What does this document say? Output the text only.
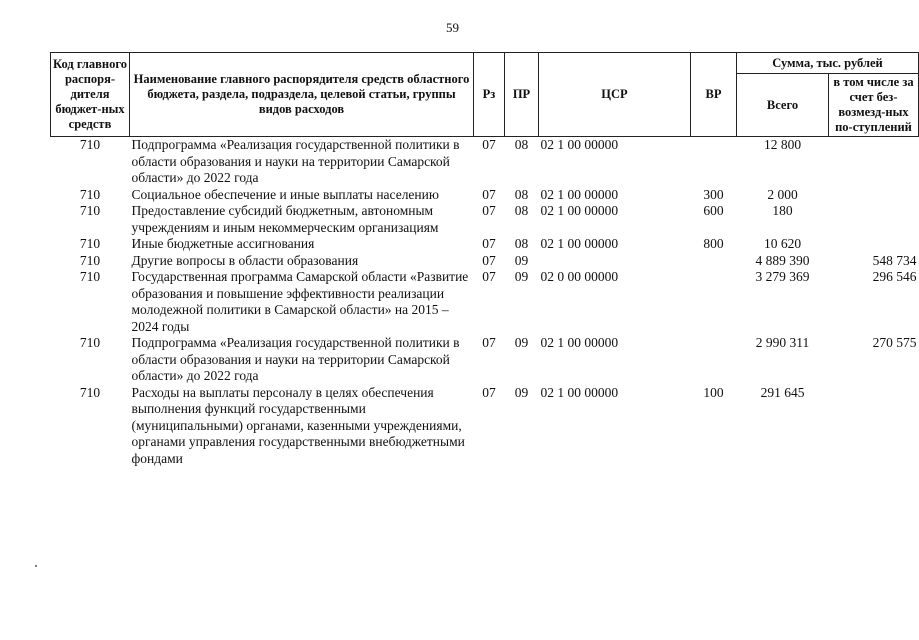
59
Код главного распоря-дителя бюджет-ных средств	Наименование главного распорядителя средств областного бюджета, раздела, подраздела, целевой статьи, группы видов расходов	Рз	ПР	ЦСР	ВР	Сумма, тыс. рублей	
						Всего	в том числе за счет без-возмезд-ных по-ступлений
710	Подпрограмма «Реализация государственной политики в области образования и науки на территории Самарской области» до 2022 года	07	08	02 1 00 00000		12 800	
710	Социальное обеспечение и иные выплаты населению	07	08	02 1 00 00000	300	2 000	
710	Предоставление субсидий бюджетным, автономным учреждениям и иным некоммерческим организациям	07	08	02 1 00 00000	600	180	
710	Иные бюджетные ассигнования	07	08	02 1 00 00000	800	10 620	
710	Другие вопросы в области образования	07	09			4 889 390	548 734
710	Государственная программа Самарской области «Развитие образования и повышение эффективности реализации молодежной политики в Самарской области» на 2015 – 2024 годы	07	09	02 0 00 00000		3 279 369	296 546
710	Подпрограмма «Реализация государственной политики в области образования и науки на территории Самарской области» до 2022 года	07	09	02 1 00 00000		2 990 311	270 575
710	Расходы на выплаты персоналу в целях обеспечения выполнения функций государственными (муниципальными) органами, казенными учреждениями, органами управления государственными внебюджетными фондами	07	09	02 1 00 00000	100	291 645	
